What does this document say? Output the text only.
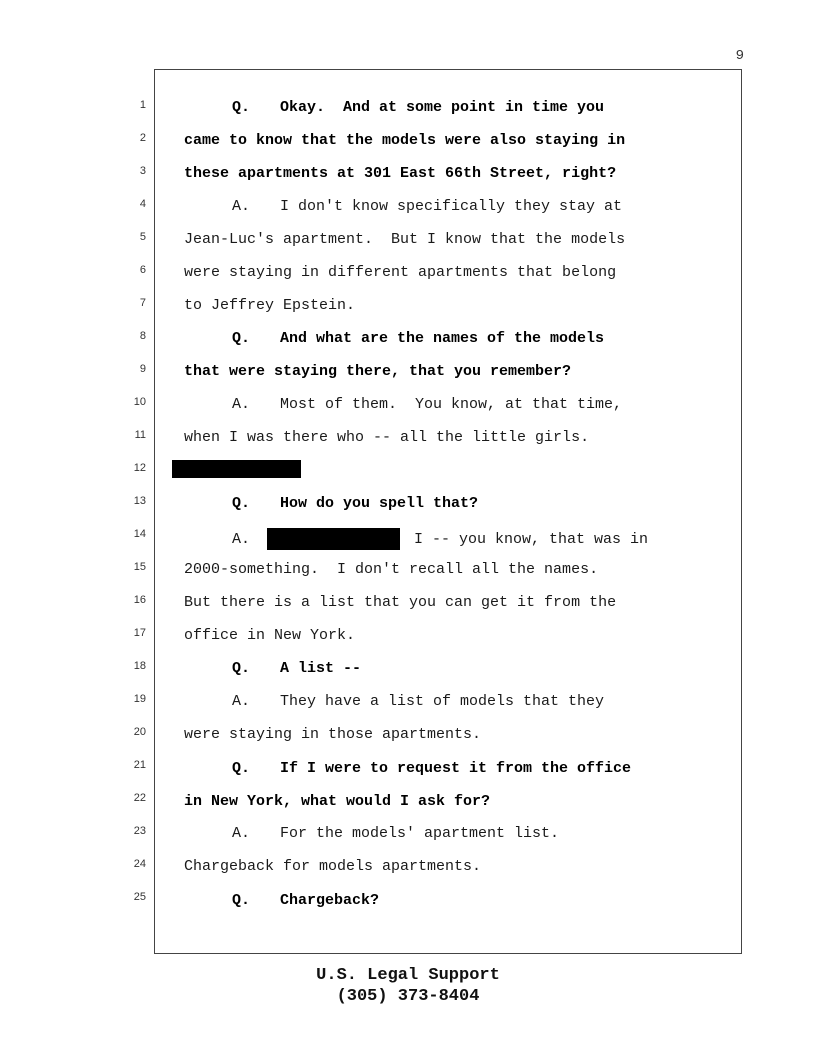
9
1
2
3
4
5
6
7
8
9
10
11
12
13
14
15
16
17
18
19
20
21
22
23
24
25
Q. Okay.  And at some point in time you
came to know that the models were also staying in
these apartments at 301 East 66th Street, right?
A. I don't know specifically they stay at
Jean-Luc's apartment.  But I know that the models
were staying in different apartments that belong
to Jeffrey Epstein.
Q. And what are the names of the models
that were staying there, that you remember?
A. Most of them.  You know, at that time,
when I was there who -- all the little girls.
Q. How do you spell that?
A.	I -- you know, that was in
2000-something.  I don't recall all the names.
But there is a list that you can get it from the
office in New York.
Q. A list --
A. They have a list of models that they
were staying in those apartments.
Q. If I were to request it from the office
in New York, what would I ask for?
A. For the models' apartment list.
Chargeback for models apartments.
Q. Chargeback?
U.S. Legal Support
(305) 373-8404
